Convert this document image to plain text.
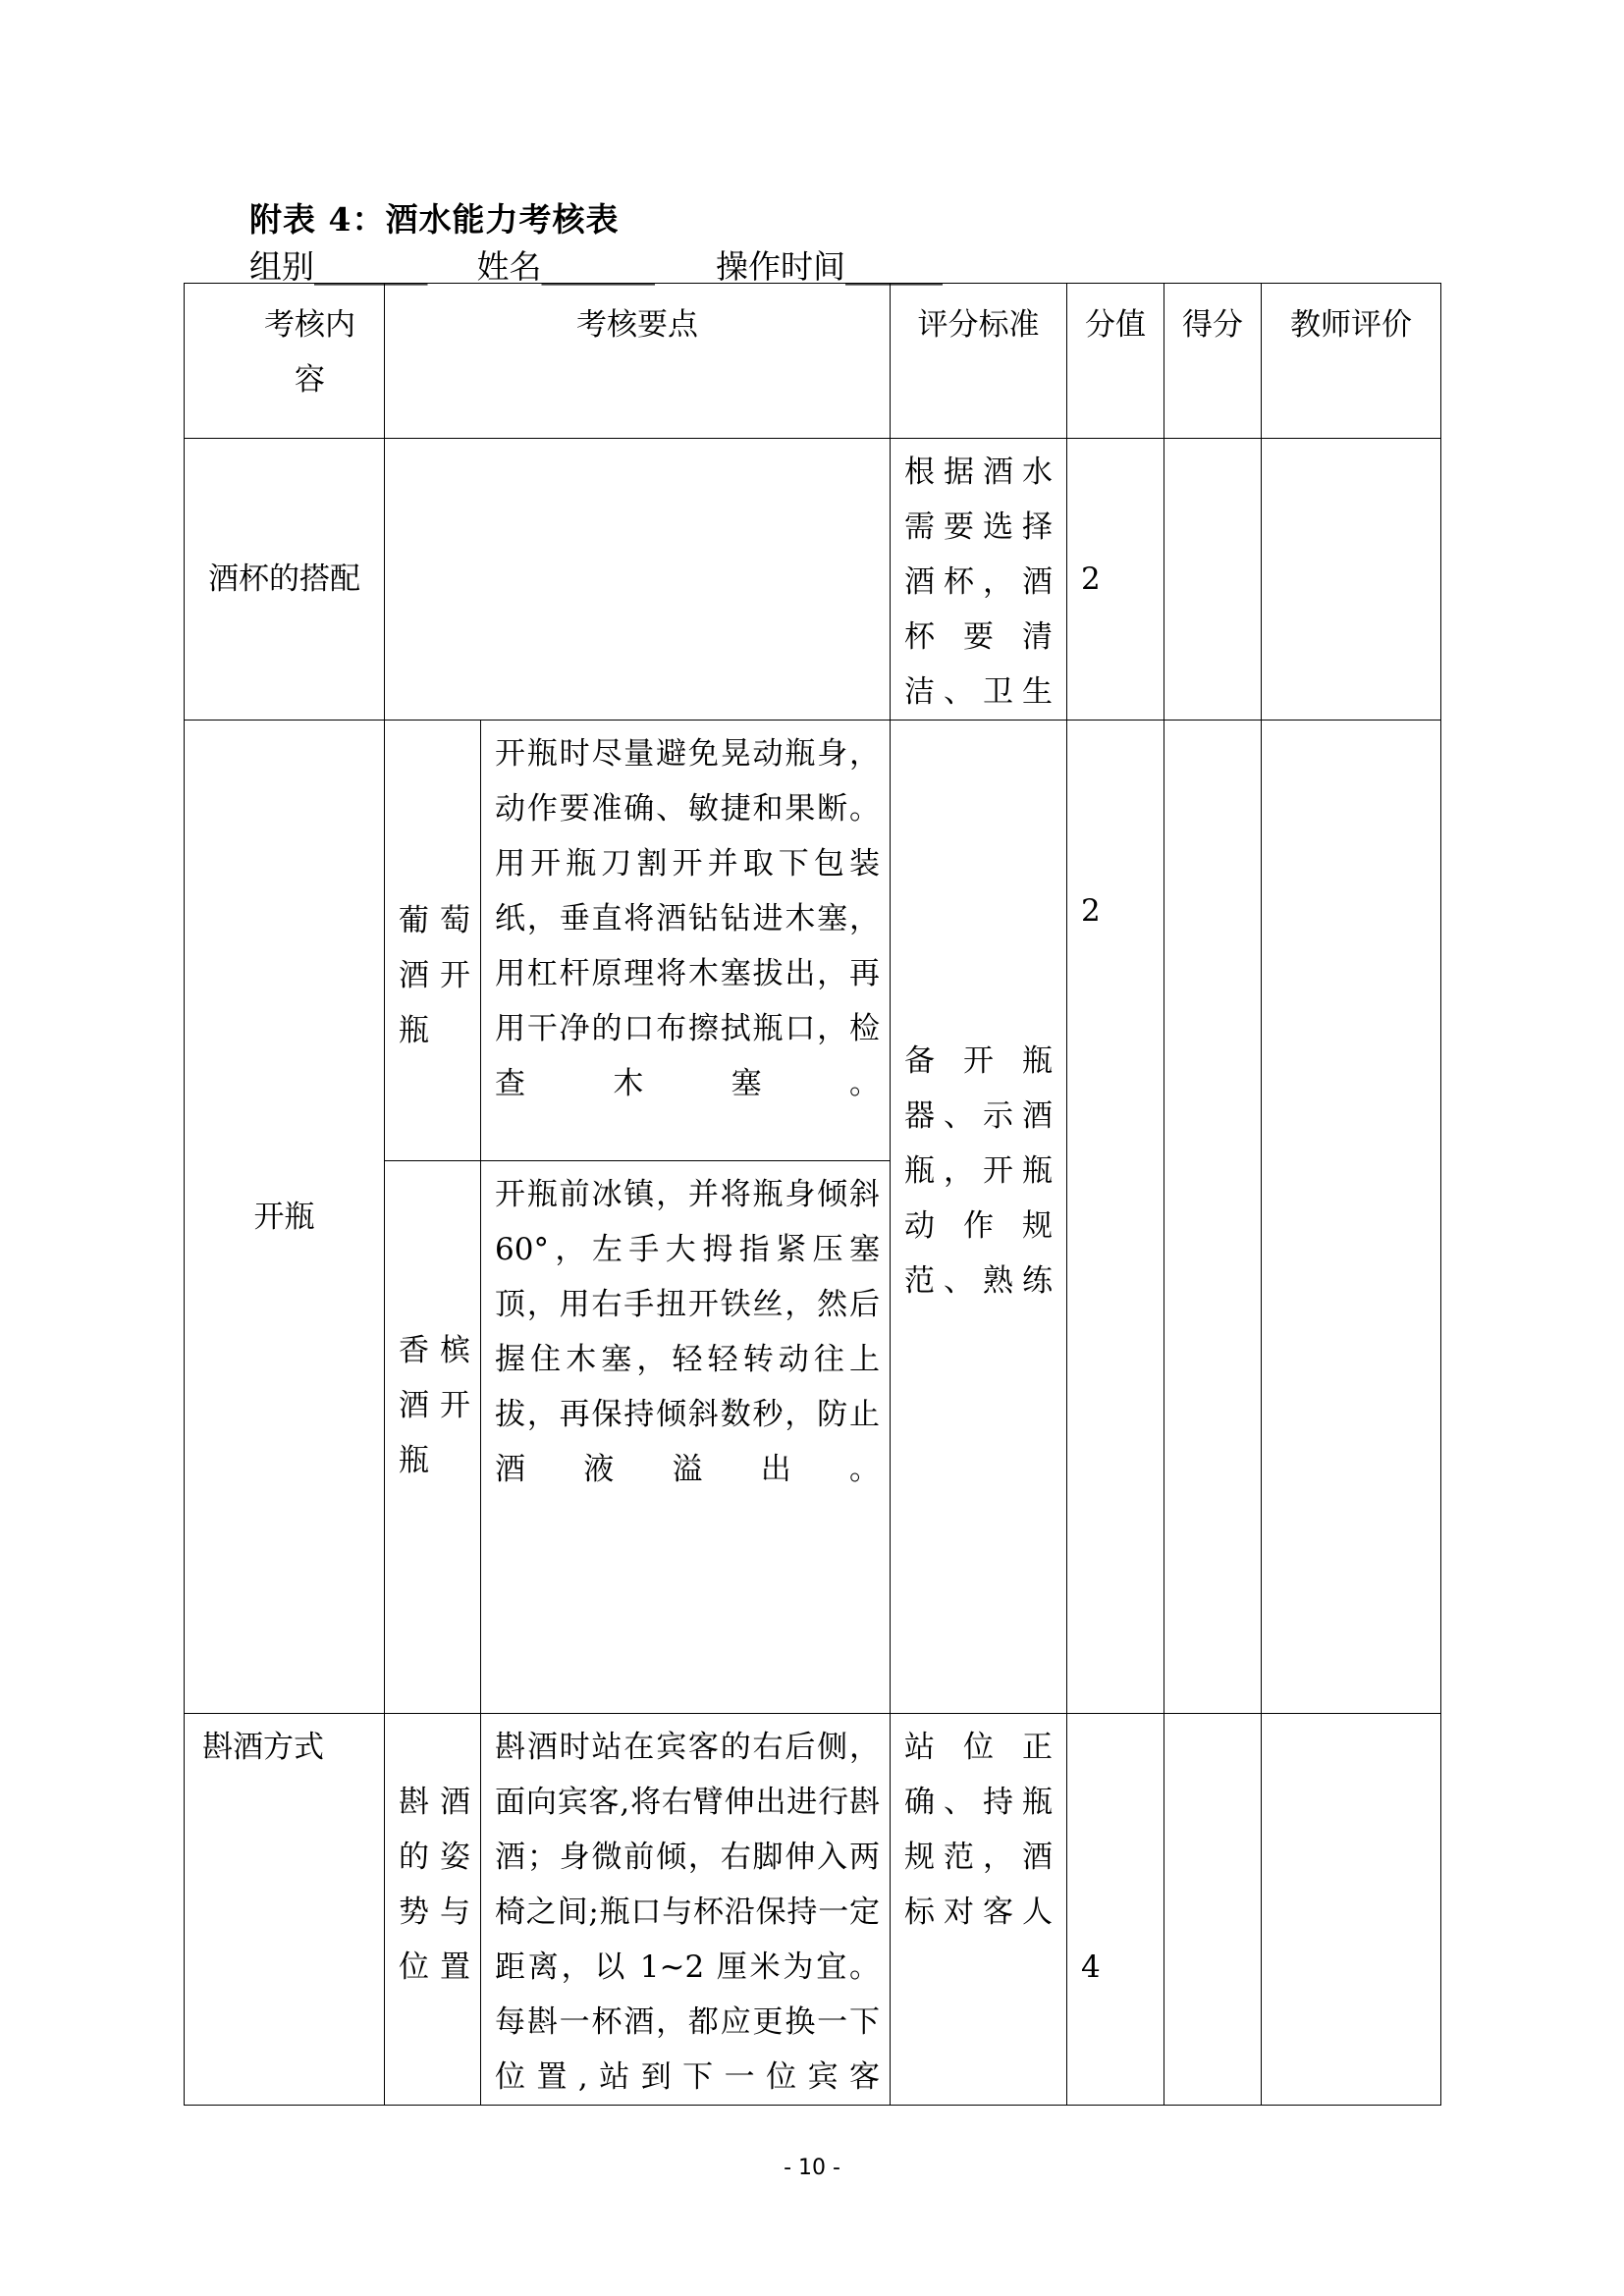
附表 4：酒水能力考核表
组别_______ 姓名_______ 操作时间______
考核内容	考核要点		评分标准	分值	得分	教师评价
酒杯的搭配			根据酒水需要选择酒杯，酒杯要清洁、卫生	2		
开瓶	葡萄酒开瓶	开瓶时尽量避免晃动瓶身，动作要准确、敏捷和果断。用开瓶刀割开并取下包装纸，垂直将酒钻钻进木塞，用杠杆原理将木塞拔出，再用干净的口布擦拭瓶口，检查木塞。	备开瓶器、示酒瓶，开瓶动作规范、熟练	2		
	香槟酒开瓶	开瓶前冰镇，并将瓶身倾斜 60°，左手大拇指紧压塞顶，用右手扭开铁丝，然后握住木塞，轻轻转动往上拔，再保持倾斜数秒，防止酒液溢出。				
斟酒方式	斟酒的姿势与位置	斟酒时站在宾客的右后侧，面向宾客,将右臂伸出进行斟酒；身微前倾，右脚伸入两椅之间;瓶口与杯沿保持一定距离，以 1~2 厘米为宜。每斟一杯酒，都应更换一下位置,站到下一位宾客	站位正确、持瓶规范，酒标对客人	4		
- 10 -
